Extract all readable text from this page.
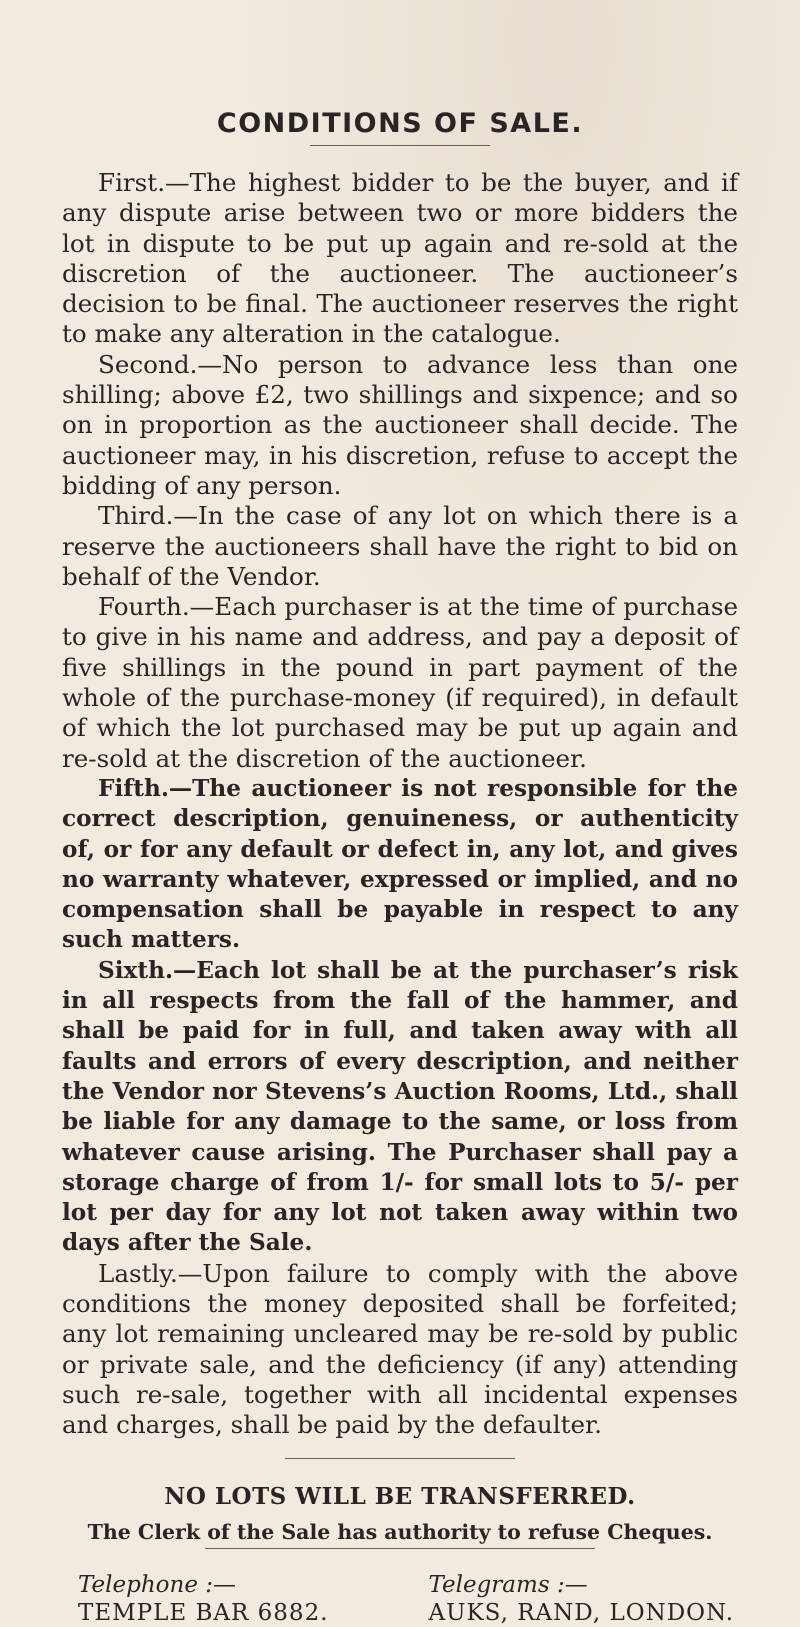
CONDITIONS OF SALE.

First.—The highest bidder to be the buyer, and if any dispute arise between two or more bidders the lot in dispute to be put up again and re-sold at the discretion of the auctioneer. The auctioneer’s decision to be final. The auctioneer reserves the right to make any alteration in the catalogue.

Second.—No person to advance less than one shilling; above £2, two shillings and sixpence; and so on in proportion as the auctioneer shall decide. The auctioneer may, in his discretion, refuse to accept the bidding of any person.

Third.—In the case of any lot on which there is a reserve the auctioneers shall have the right to bid on behalf of the Vendor.

Fourth.—Each purchaser is at the time of purchase to give in his name and address, and pay a deposit of five shillings in the pound in part payment of the whole of the purchase-money (if required), in default of which the lot purchased may be put up again and re-sold at the discretion of the auctioneer.

Fifth.—The auctioneer is not responsible for the correct description, genuineness, or authenticity of, or for any default or defect in, any lot, and gives no warranty whatever, expressed or implied, and no compensation shall be payable in respect to any such matters.

Sixth.—Each lot shall be at the purchaser’s risk in all respects from the fall of the hammer, and shall be paid for in full, and taken away with all faults and errors of every description, and neither the Vendor nor Stevens’s Auction Rooms, Ltd., shall be liable for any damage to the same, or loss from whatever cause arising. The Purchaser shall pay a storage charge of from 1/- for small lots to 5/- per lot per day for any lot not taken away within two days after the Sale.

Lastly.—Upon failure to comply with the above conditions the money deposited shall be forfeited; any lot remaining uncleared may be re-sold by public or private sale, and the deficiency (if any) attending such re-sale, together with all incidental expenses and charges, shall be paid by the defaulter.

NO LOTS WILL BE TRANSFERRED.
The Clerk of the Sale has authority to refuse Cheques.
Telephone :—
TEMPLE BAR 6882.
Telegrams :—
AUKS, RAND, LONDON.
